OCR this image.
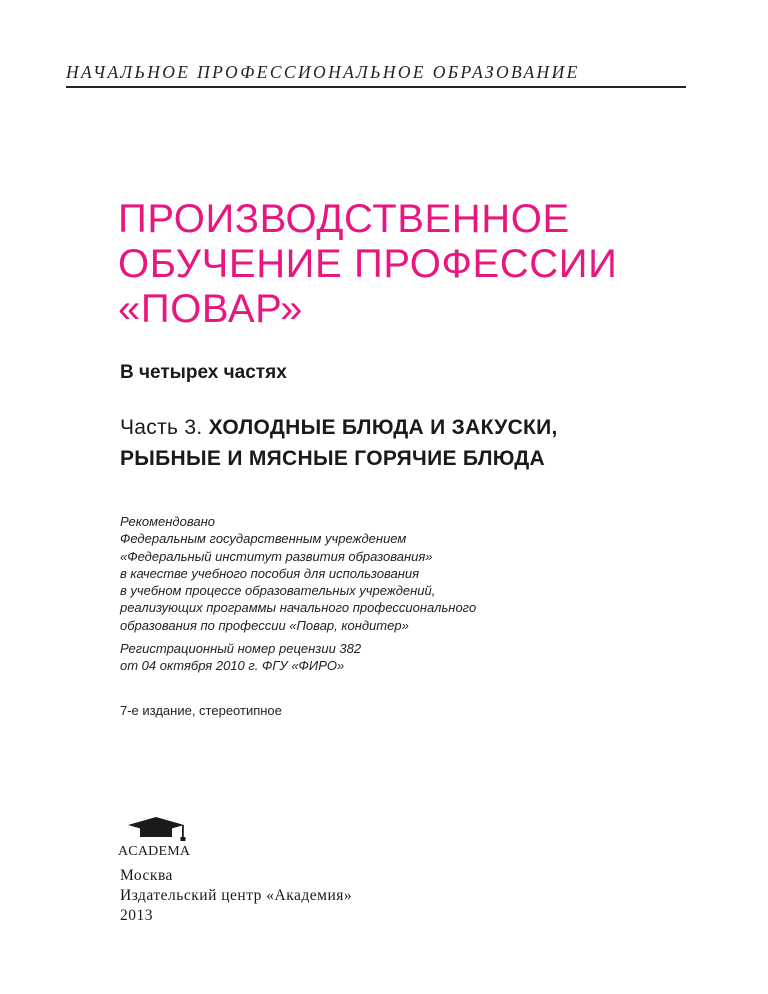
НАЧАЛЬНОЕ ПРОФЕССИОНАЛЬНОЕ ОБРАЗОВАНИЕ
ПРОИЗВОДСТВЕННОЕ
ОБУЧЕНИЕ ПРОФЕССИИ
«ПОВАР»
В четырех частях
Часть 3. ХОЛОДНЫЕ БЛЮДА И ЗАКУСКИ,
РЫБНЫЕ И МЯСНЫЕ ГОРЯЧИЕ БЛЮДА
Рекомендовано
Федеральным государственным учреждением
«Федеральный институт развития образования»
в качестве учебного пособия для использования
в учебном процессе образовательных учреждений,
реализующих программы начального профессионального
образования по профессии «Повар, кондитер»
Регистрационный номер рецензии 382
от 04 октября 2010 г. ФГУ «ФИРО»
7-е издание, стереотипное
ACADEMA
Москва
Издательский центр «Академия»
2013
